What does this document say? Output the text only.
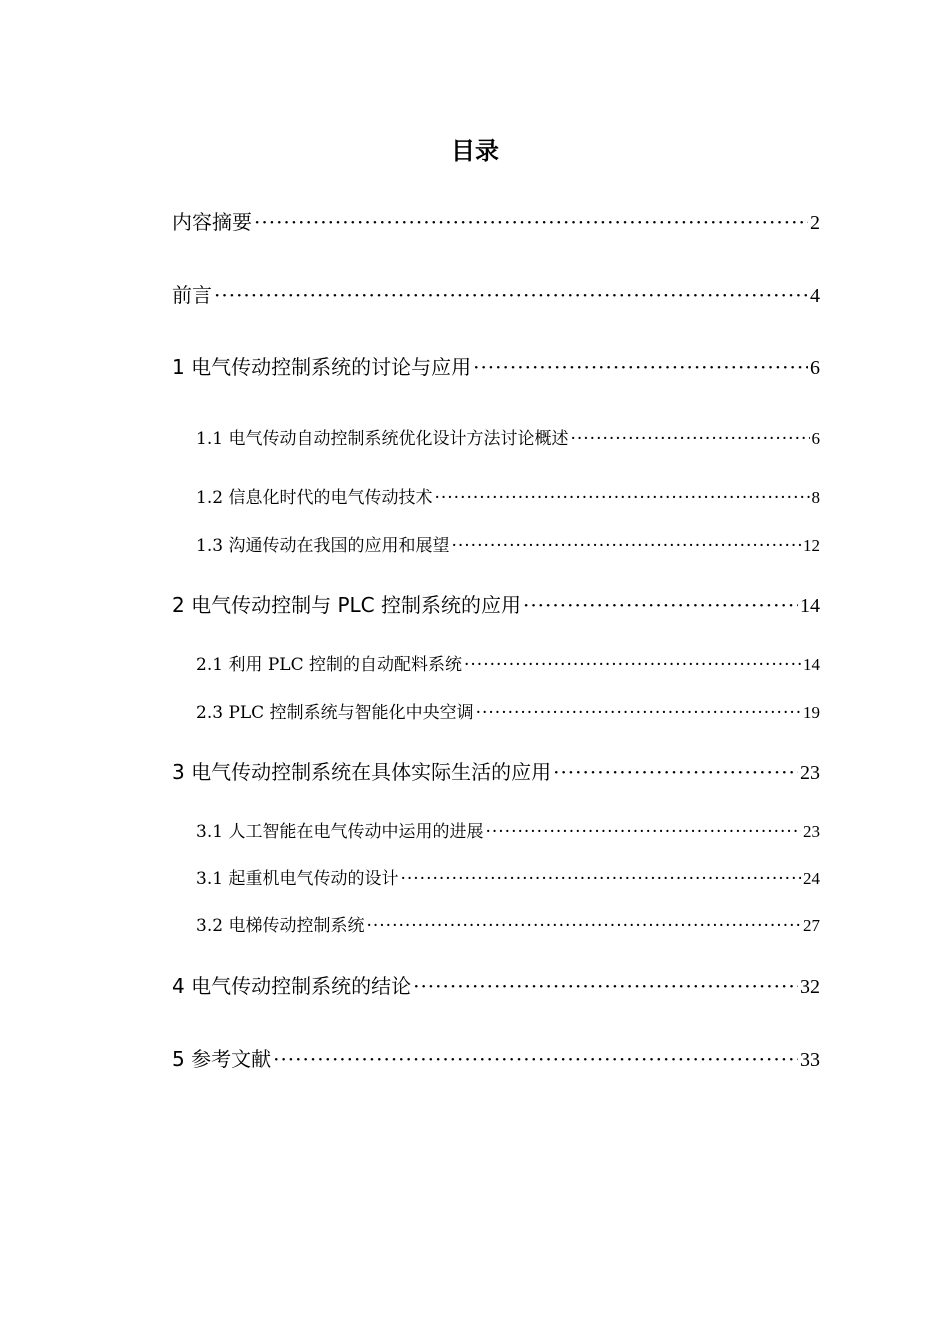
目录
内容摘要 ·····	2
前言 ·····	4
1 电气传动控制系统的讨论与应用 ·····	6
1.1 电气传动自动控制系统优化设计方法讨论概述 ·····	6
1.2 信息化时代的电气传动技术 ·····	8
1.3 沟通传动在我国的应用和展望 ·····	12
2 电气传动控制与 PLC 控制系统的应用 ·····	14
2.1 利用 PLC 控制的自动配料系统 ·····	14
2.3 PLC 控制系统与智能化中央空调 ·····	19
3 电气传动控制系统在具体实际生活的应用 ·····	23
3.1 人工智能在电气传动中运用的进展 ·····	23
3.1 起重机电气传动的设计 ·····	24
3.2 电梯传动控制系统 ·····	27
4 电气传动控制系统的结论 ·····	32
5 参考文献 ·····	33
